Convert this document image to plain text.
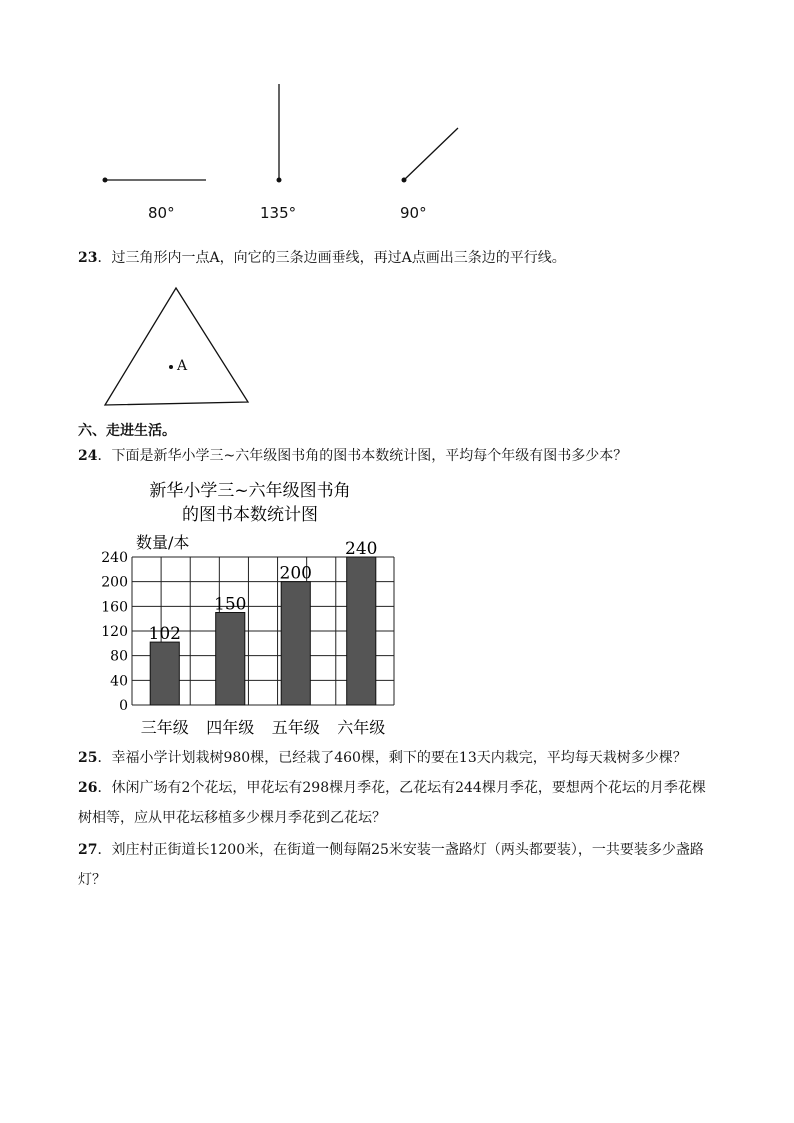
80°	135°	90°
23．过三角形内一点A，向它的三条边画垂线，再过A点画出三条边的平行线。
A
六、走进生活。
24．下面是新华小学三~六年级图书角的图书本数统计图，平均每个年级有图书多少本？
新华小学三~六年级图书角
的图书本数统计图
数量/本
0
40
80
120
160
200
240
102
三年级
150
四年级
200
五年级
240
六年级
25．幸福小学计划栽树980棵，已经栽了460棵，剩下的要在13天内栽完，平均每天栽树多少棵？
26．休闲广场有2个花坛，甲花坛有298棵月季花，乙花坛有244棵月季花，要想两个花坛的月季花棵
树相等，应从甲花坛移植多少棵月季花到乙花坛？
27．刘庄村正街道长1200米，在街道一侧每隔25米安装一盏路灯（两头都要装），一共要装多少盏路
灯？
